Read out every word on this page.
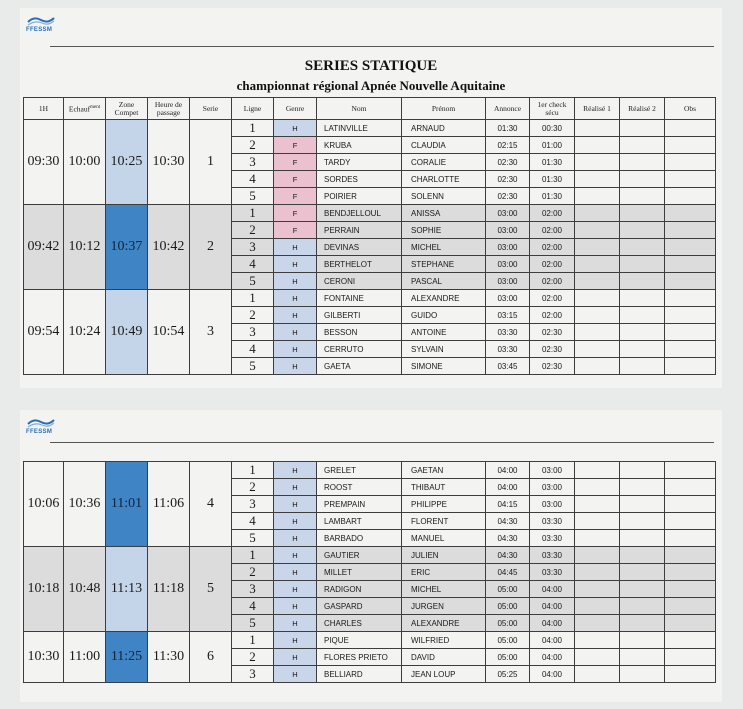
FFESSM
SERIES STATIQUE
championnat régional Apnée Nouvelle Aquitaine
1H	Echauf$^{ment}$	Zone Compet	Heure de passage	Serie	Ligne	Genre	Nom	Prénom	Annonce	1er check sécu	Réalisé 1	Réalisé 2	Obs
09:30	10:00	10:25	10:30	1	1	H	LATINVILLE	ARNAUD	01:30	00:30			
					2	F	KRUBA	CLAUDIA	02:15	01:00			
					3	F	TARDY	CORALIE	02:30	01:30			
					4	F	SORDES	CHARLOTTE	02:30	01:30			
					5	F	POIRIER	SOLENN	02:30	01:30			
09:42	10:12	10:37	10:42	2	1	F	BENDJELLOUL	ANISSA	03:00	02:00			
					2	F	PERRAIN	SOPHIE	03:00	02:00			
					3	H	DEVINAS	MICHEL	03:00	02:00			
					4	H	BERTHELOT	STEPHANE	03:00	02:00			
					5	H	CERONI	PASCAL	03:00	02:00			
09:54	10:24	10:49	10:54	3	1	H	FONTAINE	ALEXANDRE	03:00	02:00			
					2	H	GILBERTI	GUIDO	03:15	02:00			
					3	H	BESSON	ANTOINE	03:30	02:30			
					4	H	CERRUTO	SYLVAIN	03:30	02:30			
					5	H	GAETA	SIMONE	03:45	02:30			
FFESSM
10:06	10:36	11:01	11:06	4	1	H	GRELET	GAETAN	04:00	03:00			
					2	H	ROOST	THIBAUT	04:00	03:00			
					3	H	PREMPAIN	PHILIPPE	04:15	03:00			
					4	H	LAMBART	FLORENT	04:30	03:30			
					5	H	BARBADO	MANUEL	04:30	03:30			
10:18	10:48	11:13	11:18	5	1	H	GAUTIER	JULIEN	04:30	03:30			
					2	H	MILLET	ERIC	04:45	03:30			
					3	H	RADIGON	MICHEL	05:00	04:00			
					4	H	GASPARD	JURGEN	05:00	04:00			
					5	H	CHARLES	ALEXANDRE	05:00	04:00			
10:30	11:00	11:25	11:30	6	1	H	PIQUE	WILFRIED	05:00	04:00			
					2	H	FLORES PRIETO	DAVID	05:00	04:00			
					3	H	BELLIARD	JEAN LOUP	05:25	04:00			
